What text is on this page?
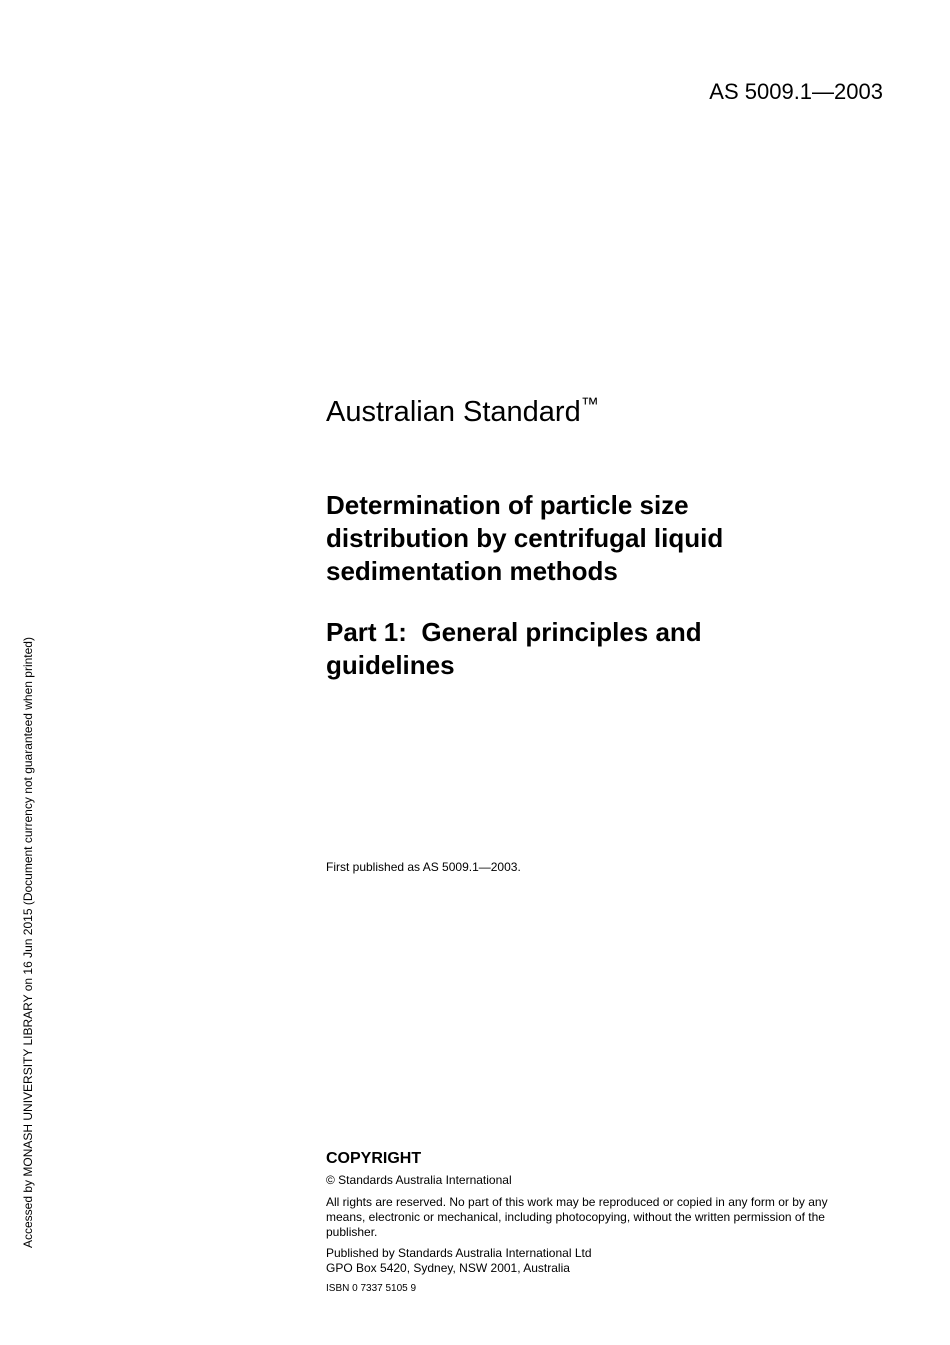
AS 5009.1—2003
Australian Standard™
Determination of particle size
distribution by centrifugal liquid
sedimentation methods
Part 1:  General principles and
guidelines
First published as AS 5009.1—2003.

COPYRIGHT

© Standards Australia International

All rights are reserved. No part of this work may be reproduced or copied in any form or by any
means, electronic or mechanical, including photocopying, without the written permission of the
publisher.

Published by Standards Australia International Ltd
GPO Box 5420, Sydney, NSW 2001, Australia

ISBN 0 7337 5105 9

Accessed by MONASH UNIVERSITY LIBRARY on 16 Jun 2015 (Document currency not guaranteed when printed)
